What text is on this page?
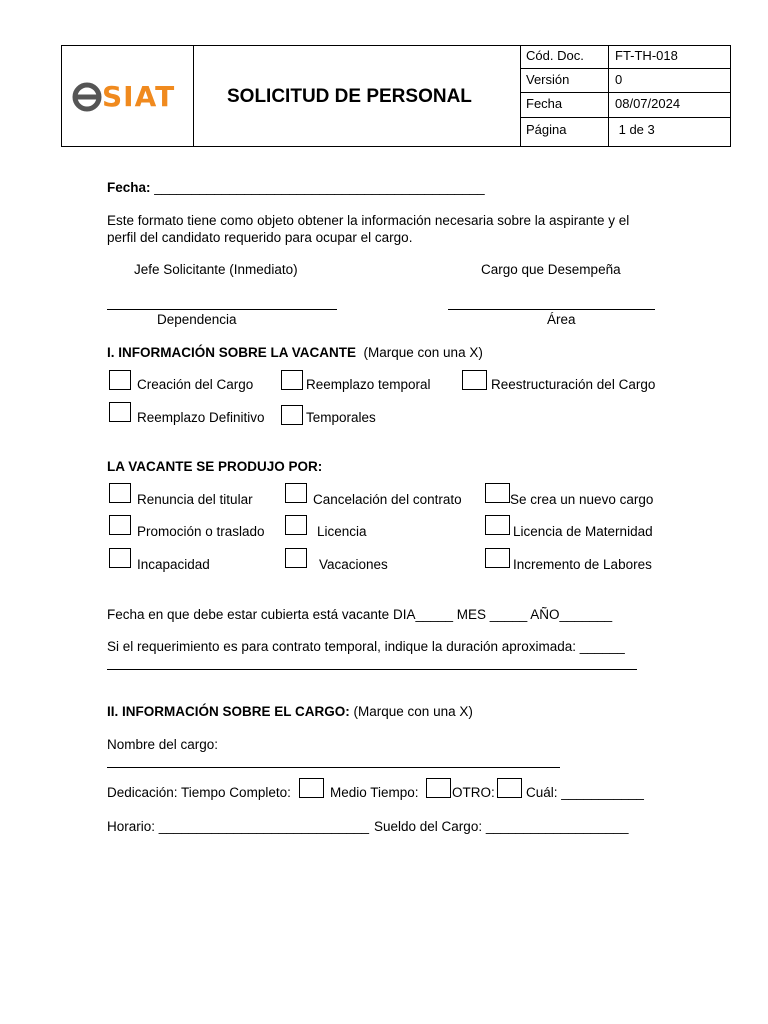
SIAT	SOLICITUD DE PERSONAL
Cód. Doc. FT-TH-018
Versión	0
Fecha	08/07/2024
Página	1 de 3
Fecha: ____________________________________________
Este formato tiene como objeto obtener la información necesaria sobre la aspirante y el
perfil del candidato requerido para ocupar el cargo.
Jefe Solicitante (Inmediato)	Cargo que Desempeña
Dependencia	Área
I. INFORMACIÓN SOBRE LA VACANTE (Marque con una X)
Creación del Cargo	Reemplazo temporal	Reestructuración del Cargo
Reemplazo Definitivo	Temporales
LA VACANTE SE PRODUJO POR:
Renuncia del titular	Cancelación del contrato	Se crea un nuevo cargo
Promoción o traslado	Licencia	Licencia de Maternidad
Incapacidad	Vacaciones	Incremento de Labores
Fecha en que debe estar cubierta está vacante DIA_____ MES _____ AÑO_______
Si el requerimiento es para contrato temporal, indique la duración aproximada: ______
II. INFORMACIÓN SOBRE EL CARGO: (Marque con una X)
Nombre del cargo:
Dedicación: Tiempo Completo:	Medio Tiempo: OTRO: Cuál: ___________
Horario: ____________________________ Sueldo del Cargo: ___________________
